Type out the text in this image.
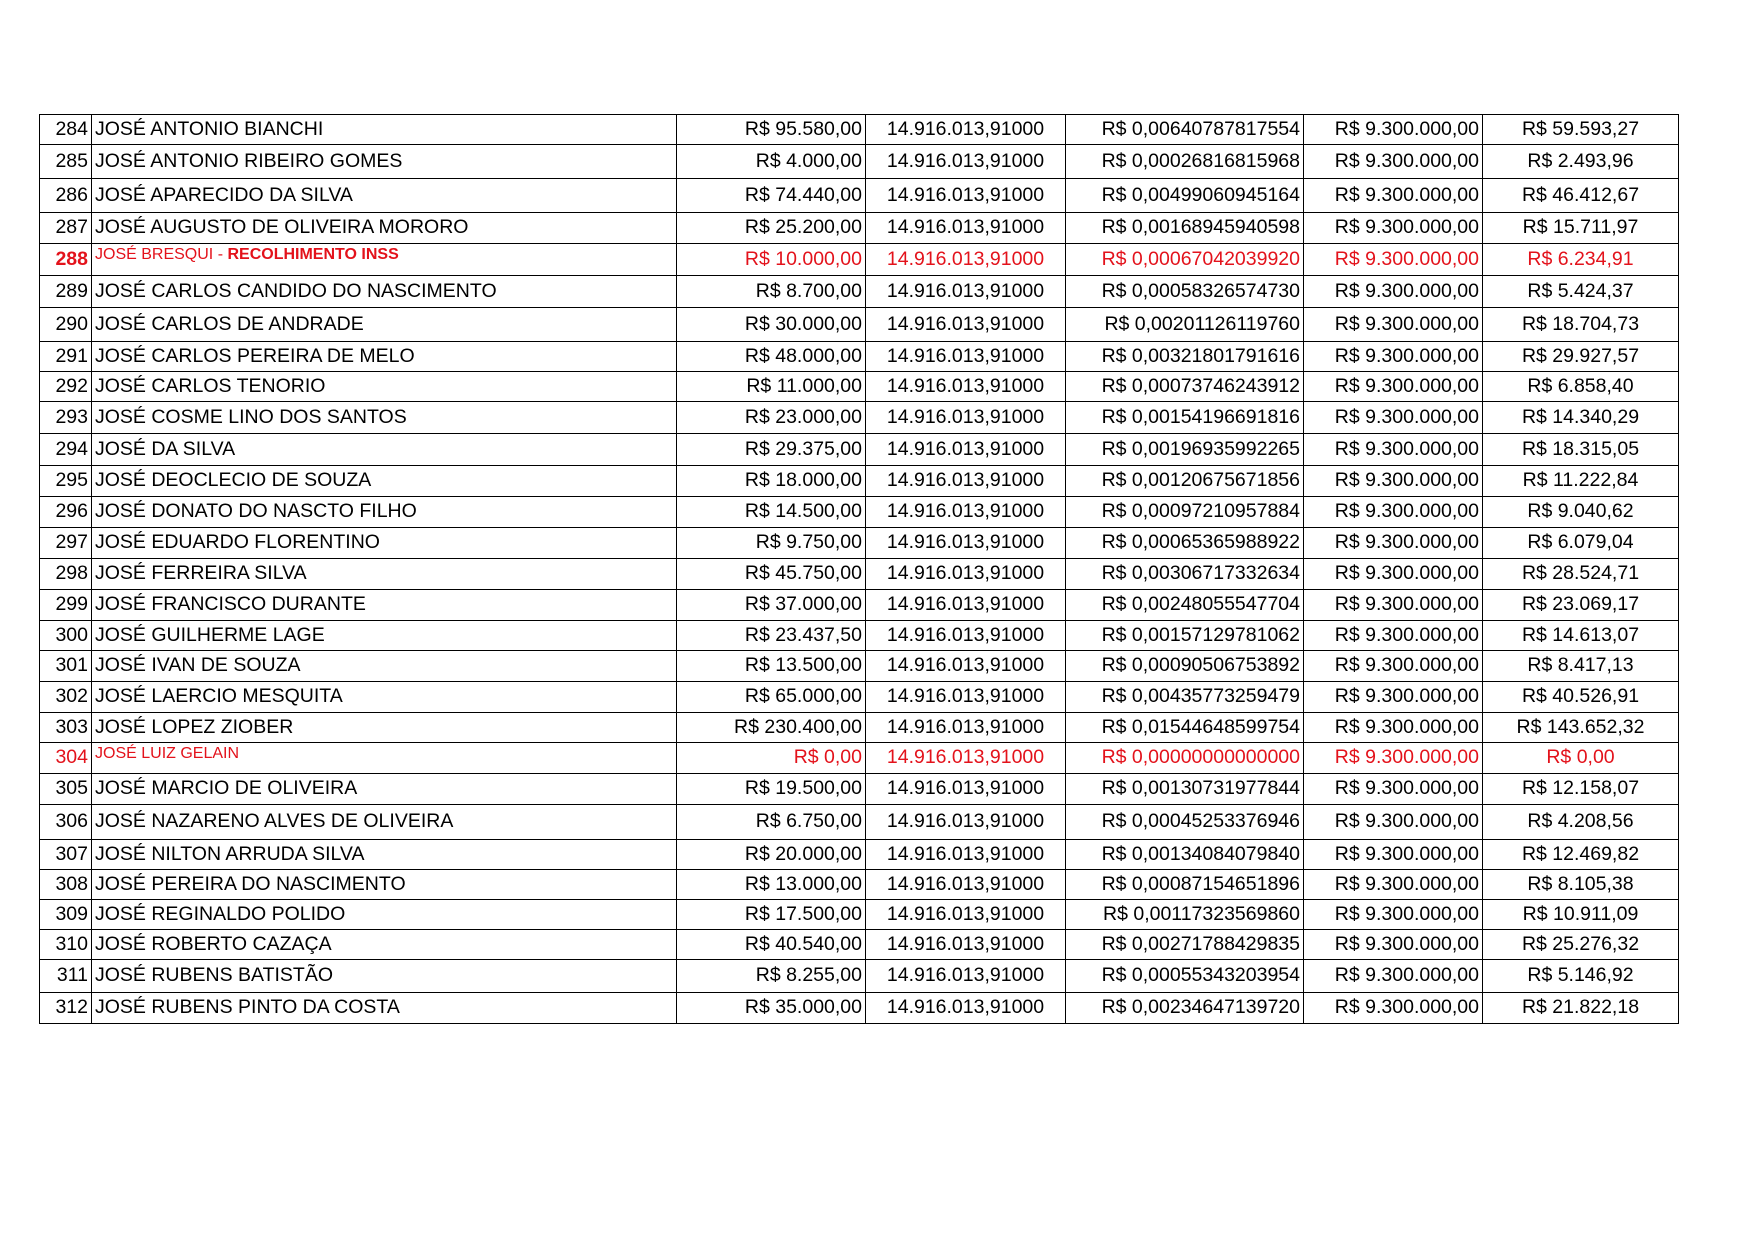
284	JOSÉ ANTONIO BIANCHI	R$ 95.580,00	14.916.013,91000	R$ 0,00640787817554	R$ 9.300.000,00	R$ 59.593,27
285	JOSÉ ANTONIO RIBEIRO GOMES	R$ 4.000,00	14.916.013,91000	R$ 0,00026816815968	R$ 9.300.000,00	R$ 2.493,96
286	JOSÉ APARECIDO DA SILVA	R$ 74.440,00	14.916.013,91000	R$ 0,00499060945164	R$ 9.300.000,00	R$ 46.412,67
287	JOSÉ AUGUSTO DE OLIVEIRA MORORO	R$ 25.200,00	14.916.013,91000	R$ 0,00168945940598	R$ 9.300.000,00	R$ 15.711,97
288	JOSÉ BRESQUI - RECOLHIMENTO INSS	R$ 10.000,00	14.916.013,91000	R$ 0,00067042039920	R$ 9.300.000,00	R$ 6.234,91
289	JOSÉ CARLOS CANDIDO DO NASCIMENTO	R$ 8.700,00	14.916.013,91000	R$ 0,00058326574730	R$ 9.300.000,00	R$ 5.424,37
290	JOSÉ CARLOS DE ANDRADE	R$ 30.000,00	14.916.013,91000	R$ 0,00201126119760	R$ 9.300.000,00	R$ 18.704,73
291	JOSÉ CARLOS PEREIRA DE MELO	R$ 48.000,00	14.916.013,91000	R$ 0,00321801791616	R$ 9.300.000,00	R$ 29.927,57
292	JOSÉ CARLOS TENORIO	R$ 11.000,00	14.916.013,91000	R$ 0,00073746243912	R$ 9.300.000,00	R$ 6.858,40
293	JOSÉ COSME LINO DOS SANTOS	R$ 23.000,00	14.916.013,91000	R$ 0,00154196691816	R$ 9.300.000,00	R$ 14.340,29
294	JOSÉ DA SILVA	R$ 29.375,00	14.916.013,91000	R$ 0,00196935992265	R$ 9.300.000,00	R$ 18.315,05
295	JOSÉ DEOCLECIO DE SOUZA	R$ 18.000,00	14.916.013,91000	R$ 0,00120675671856	R$ 9.300.000,00	R$ 11.222,84
296	JOSÉ DONATO DO NASCTO FILHO	R$ 14.500,00	14.916.013,91000	R$ 0,00097210957884	R$ 9.300.000,00	R$ 9.040,62
297	JOSÉ EDUARDO FLORENTINO	R$ 9.750,00	14.916.013,91000	R$ 0,00065365988922	R$ 9.300.000,00	R$ 6.079,04
298	JOSÉ FERREIRA SILVA	R$ 45.750,00	14.916.013,91000	R$ 0,00306717332634	R$ 9.300.000,00	R$ 28.524,71
299	JOSÉ FRANCISCO DURANTE	R$ 37.000,00	14.916.013,91000	R$ 0,00248055547704	R$ 9.300.000,00	R$ 23.069,17
300	JOSÉ GUILHERME LAGE	R$ 23.437,50	14.916.013,91000	R$ 0,00157129781062	R$ 9.300.000,00	R$ 14.613,07
301	JOSÉ IVAN DE SOUZA	R$ 13.500,00	14.916.013,91000	R$ 0,00090506753892	R$ 9.300.000,00	R$ 8.417,13
302	JOSÉ LAERCIO MESQUITA	R$ 65.000,00	14.916.013,91000	R$ 0,00435773259479	R$ 9.300.000,00	R$ 40.526,91
303	JOSÉ LOPEZ ZIOBER	R$ 230.400,00	14.916.013,91000	R$ 0,01544648599754	R$ 9.300.000,00	R$ 143.652,32
304	JOSÉ LUIZ GELAIN	R$ 0,00	14.916.013,91000	R$ 0,00000000000000	R$ 9.300.000,00	R$ 0,00
305	JOSÉ MARCIO DE OLIVEIRA	R$ 19.500,00	14.916.013,91000	R$ 0,00130731977844	R$ 9.300.000,00	R$ 12.158,07
306	JOSÉ NAZARENO ALVES DE OLIVEIRA	R$ 6.750,00	14.916.013,91000	R$ 0,00045253376946	R$ 9.300.000,00	R$ 4.208,56
307	JOSÉ NILTON ARRUDA SILVA	R$ 20.000,00	14.916.013,91000	R$ 0,00134084079840	R$ 9.300.000,00	R$ 12.469,82
308	JOSÉ PEREIRA DO NASCIMENTO	R$ 13.000,00	14.916.013,91000	R$ 0,00087154651896	R$ 9.300.000,00	R$ 8.105,38
309	JOSÉ REGINALDO POLIDO	R$ 17.500,00	14.916.013,91000	R$ 0,00117323569860	R$ 9.300.000,00	R$ 10.911,09
310	JOSÉ ROBERTO CAZAÇA	R$ 40.540,00	14.916.013,91000	R$ 0,00271788429835	R$ 9.300.000,00	R$ 25.276,32
311	JOSÉ RUBENS BATISTÃO	R$ 8.255,00	14.916.013,91000	R$ 0,00055343203954	R$ 9.300.000,00	R$ 5.146,92
312	JOSÉ RUBENS PINTO DA COSTA	R$ 35.000,00	14.916.013,91000	R$ 0,00234647139720	R$ 9.300.000,00	R$ 21.822,18
